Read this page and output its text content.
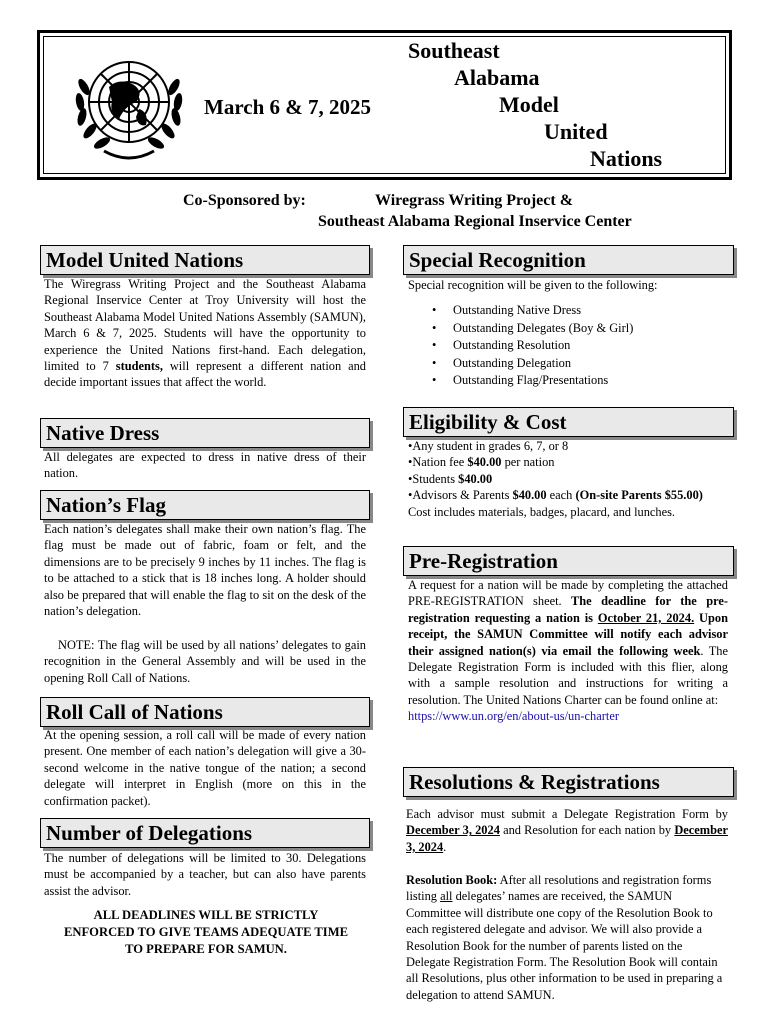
March 6 & 7, 2025
Southeast
Alabama
Model
United
Nations
Co-Sponsored by:	Wiregrass Writing Project &
Southeast Alabama Regional Inservice Center
Model United Nations
The Wiregrass Writing Project and the Southeast Alabama Regional Inservice Center at Troy University will host the Southeast Alabama Model United Nations Assembly (SAMUN), March 6 & 7, 2025. Students will have the opportunity to experience the United Nations first-hand. Each delegation, limited to 7 students, will represent a different nation and decide important issues that affect the world.
Native Dress
All delegates are expected to dress in native dress of their nation.
Nation’s Flag
Each nation’s delegates shall make their own nation’s flag. The flag must be made out of fabric, foam or felt, and the dimensions are to be precisely 9 inches by 11 inches. The flag is to be attached to a stick that is 18 inches long. A holder should also be prepared that will enable the flag to sit on the desk of the nation’s delegation.
NOTE: The flag will be used by all nations’ delegates to gain recognition in the General Assembly and will be used in the opening Roll Call of Nations.
Roll Call of Nations
At the opening session, a roll call will be made of every nation present. One member of each nation’s delegation will give a 30-second welcome in the native tongue of the nation; a second delegate will interpret in English (more on this in the confirmation packet).
Number of Delegations
The number of delegations will be limited to 30. Delegations must be accompanied by a teacher, but can also have parents assist the advisor.
ALL DEADLINES WILL BE STRICTLY
ENFORCED TO GIVE TEAMS ADEQUATE TIME
TO PREPARE FOR SAMUN.
Special Recognition
Special recognition will be given to the following:
• Outstanding Native Dress
• Outstanding Delegates (Boy & Girl)
• Outstanding Resolution
• Outstanding Delegation
• Outstanding Flag/Presentations
Eligibility & Cost
•Any student in grades 6, 7, or 8
•Nation fee $40.00 per nation
•Students $40.00
•Advisors & Parents $40.00 each (On-site Parents $55.00)
Cost includes materials, badges, placard, and lunches.
Pre-Registration
A request for a nation will be made by completing the attached PRE-REGISTRATION sheet. The deadline for the pre-registration requesting a nation is October 21, 2024. Upon receipt, the SAMUN Committee will notify each advisor their assigned nation(s) via email the following week. The Delegate Registration Form is included with this flier, along with a sample resolution and instructions for writing a resolution. The United Nations Charter can be found online at:
https://www.un.org/en/about-us/un-charter
Resolutions & Registrations
Each advisor must submit a Delegate Registration Form by December 3, 2024 and Resolution for each nation by December 3, 2024.
Resolution Book: After all resolutions and registration forms listing all delegates’ names are received, the SAMUN Committee will distribute one copy of the Resolution Book to each registered delegate and advisor. We will also provide a Resolution Book for the number of parents listed on the Delegate Registration Form. The Resolution Book will contain all Resolutions, plus other information to be used in preparing a delegation to attend SAMUN.
